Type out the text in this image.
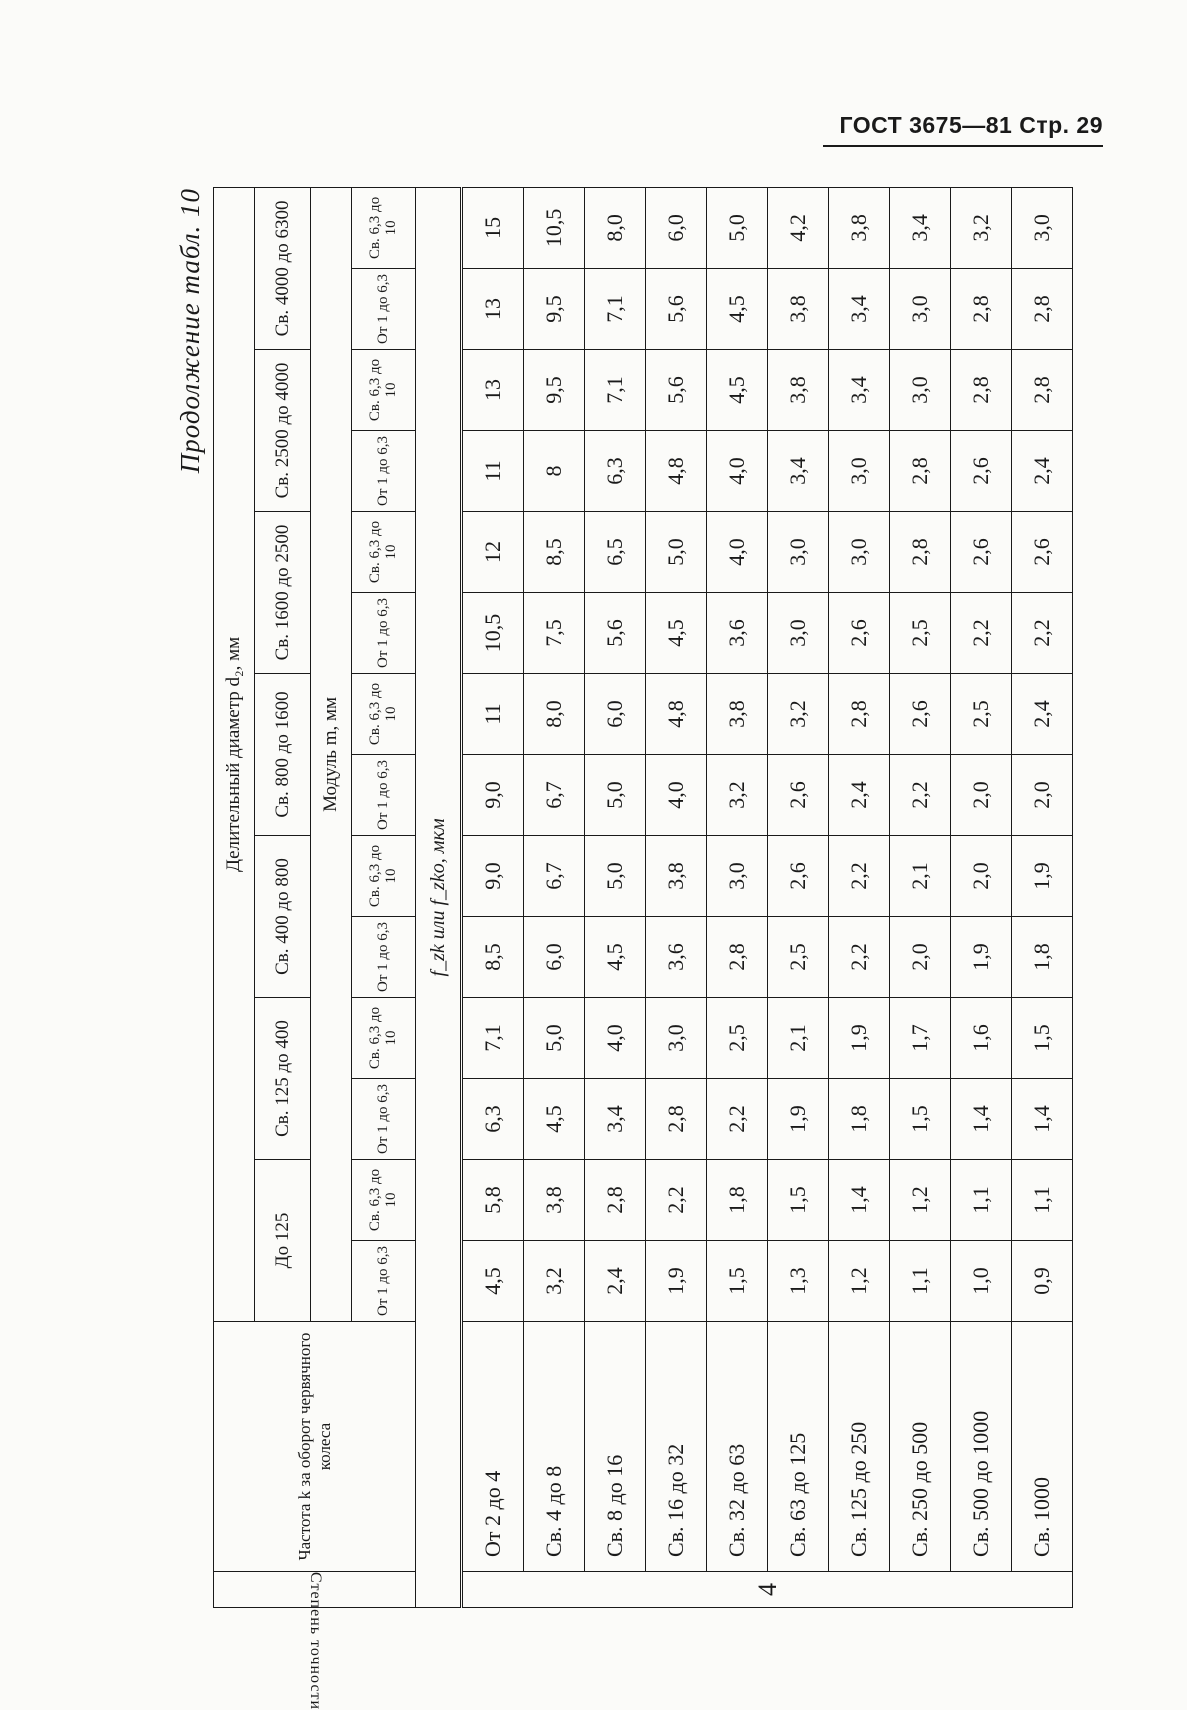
ГОСТ 3675—81 Стр. 29
Продолжение табл. 10
Степень точности	Частота k за оборот червячного колеса	Делительный диаметр d₂, мм													
		До 125		Св. 125 до 400		Св. 400 до 800		Св. 800 до 1600		Св. 1600 до 2500		Св. 2500 до 4000		Св. 4000 до 6300	
		Модуль m, мм													
		От 1 до 6,3	Св. 6,3 до 10	От 1 до 6,3	Св. 6,3 до 10	От 1 до 6,3	Св. 6,3 до 10	От 1 до 6,3	Св. 6,3 до 10	От 1 до 6,3	Св. 6,3 до 10	От 1 до 6,3	Св. 6,3 до 10	От 1 до 6,3	Св. 6,3 до 10
f_zk или f_zkо, мкм															
4	От 2 до 4	4,5	5,8	6,3	7,1	8,5	9,0	9,0	11	10,5	12	11	13	13	15
	Св. 4 до 8	3,2	3,8	4,5	5,0	6,0	6,7	6,7	8,0	7,5	8,5	8	9,5	9,5	10,5
	Св. 8 до 16	2,4	2,8	3,4	4,0	4,5	5,0	5,0	6,0	5,6	6,5	6,3	7,1	7,1	8,0
	Св. 16 до 32	1,9	2,2	2,8	3,0	3,6	3,8	4,0	4,8	4,5	5,0	4,8	5,6	5,6	6,0
	Св. 32 до 63	1,5	1,8	2,2	2,5	2,8	3,0	3,2	3,8	3,6	4,0	4,0	4,5	4,5	5,0
	Св. 63 до 125	1,3	1,5	1,9	2,1	2,5	2,6	2,6	3,2	3,0	3,0	3,4	3,8	3,8	4,2
	Св. 125 до 250	1,2	1,4	1,8	1,9	2,2	2,2	2,4	2,8	2,6	3,0	3,0	3,4	3,4	3,8
	Св. 250 до 500	1,1	1,2	1,5	1,7	2,0	2,1	2,2	2,6	2,5	2,8	2,8	3,0	3,0	3,4
	Св. 500 до 1000	1,0	1,1	1,4	1,6	1,9	2,0	2,0	2,5	2,2	2,6	2,6	2,8	2,8	3,2
	Св. 1000	0,9	1,1	1,4	1,5	1,8	1,9	2,0	2,4	2,2	2,6	2,4	2,8	2,8	3,0
